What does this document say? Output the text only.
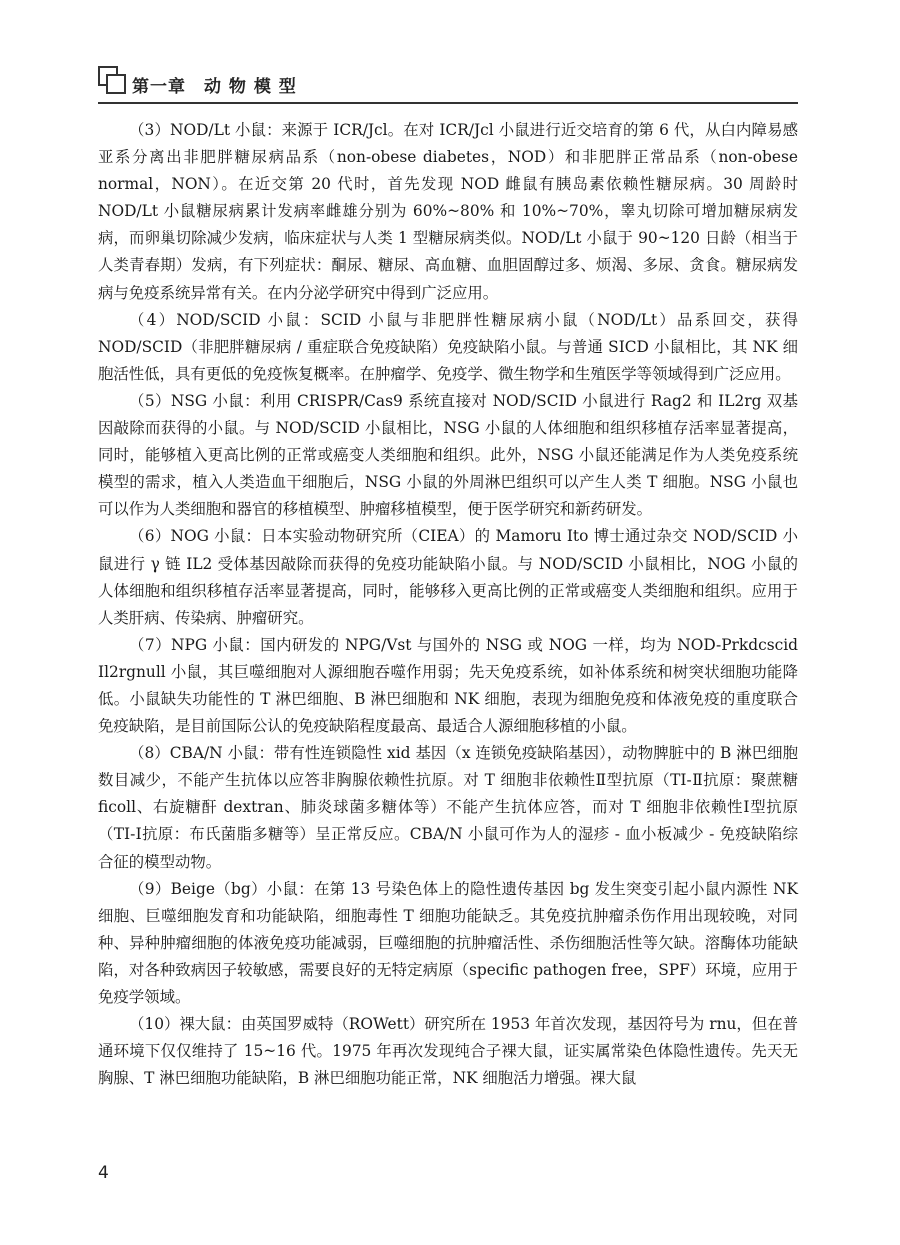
第一章　动 物 模 型

（3）NOD/Lt 小鼠：来源于 ICR/Jcl。在对 ICR/Jcl 小鼠进行近交培育的第 6 代，从白内障易感亚系分离出非肥胖糖尿病品系（non-obese diabetes，NOD）和非肥胖正常品系（non-obese normal，NON）。在近交第 20 代时，首先发现 NOD 雌鼠有胰岛素依赖性糖尿病。30 周龄时 NOD/Lt 小鼠糖尿病累计发病率雌雄分别为 60%~80% 和 10%~70%，睾丸切除可增加糖尿病发病，而卵巢切除减少发病，临床症状与人类 1 型糖尿病类似。NOD/Lt 小鼠于 90~120 日龄（相当于人类青春期）发病，有下列症状：酮尿、糖尿、高血糖、血胆固醇过多、烦渴、多尿、贪食。糖尿病发病与免疫系统异常有关。在内分泌学研究中得到广泛应用。

（4）NOD/SCID 小鼠：SCID 小鼠与非肥胖性糖尿病小鼠（NOD/Lt）品系回交，获得 NOD/SCID（非肥胖糖尿病 / 重症联合免疫缺陷）免疫缺陷小鼠。与普通 SICD 小鼠相比，其 NK 细胞活性低，具有更低的免疫恢复概率。在肿瘤学、免疫学、微生物学和生殖医学等领域得到广泛应用。

（5）NSG 小鼠：利用 CRISPR/Cas9 系统直接对 NOD/SCID 小鼠进行 Rag2 和 IL2rg 双基因敲除而获得的小鼠。与 NOD/SCID 小鼠相比，NSG 小鼠的人体细胞和组织移植存活率显著提高，同时，能够植入更高比例的正常或癌变人类细胞和组织。此外，NSG 小鼠还能满足作为人类免疫系统模型的需求，植入人类造血干细胞后，NSG 小鼠的外周淋巴组织可以产生人类 T 细胞。NSG 小鼠也可以作为人类细胞和器官的移植模型、肿瘤移植模型，便于医学研究和新药研发。

（6）NOG 小鼠：日本实验动物研究所（CIEA）的 Mamoru Ito 博士通过杂交 NOD/SCID 小鼠进行 γ 链 IL2 受体基因敲除而获得的免疫功能缺陷小鼠。与 NOD/SCID 小鼠相比，NOG 小鼠的人体细胞和组织移植存活率显著提高，同时，能够移入更高比例的正常或癌变人类细胞和组织。应用于人类肝病、传染病、肿瘤研究。

（7）NPG 小鼠：国内研发的 NPG/Vst 与国外的 NSG 或 NOG 一样，均为 NOD-Prkdcscid Il2rgnull 小鼠，其巨噬细胞对人源细胞吞噬作用弱；先天免疫系统，如补体系统和树突状细胞功能降低。小鼠缺失功能性的 T 淋巴细胞、B 淋巴细胞和 NK 细胞，表现为细胞免疫和体液免疫的重度联合免疫缺陷，是目前国际公认的免疫缺陷程度最高、最适合人源细胞移植的小鼠。

（8）CBA/N 小鼠：带有性连锁隐性 xid 基因（x 连锁免疫缺陷基因），动物脾脏中的 B 淋巴细胞数目减少，不能产生抗体以应答非胸腺依赖性抗原。对 T 细胞非依赖性Ⅱ型抗原（TI-Ⅱ抗原：聚蔗糖 ficoll、右旋糖酐 dextran、肺炎球菌多糖体等）不能产生抗体应答，而对 T 细胞非依赖性Ⅰ型抗原（TI-Ⅰ抗原：布氏菌脂多糖等）呈正常反应。CBA/N 小鼠可作为人的湿疹 - 血小板减少 - 免疫缺陷综合征的模型动物。

（9）Beige（bg）小鼠：在第 13 号染色体上的隐性遗传基因 bg 发生突变引起小鼠内源性 NK 细胞、巨噬细胞发育和功能缺陷，细胞毒性 T 细胞功能缺乏。其免疫抗肿瘤杀伤作用出现较晚，对同种、异种肿瘤细胞的体液免疫功能减弱，巨噬细胞的抗肿瘤活性、杀伤细胞活性等欠缺。溶酶体功能缺陷，对各种致病因子较敏感，需要良好的无特定病原（specific pathogen free，SPF）环境，应用于免疫学领域。

（10）裸大鼠：由英国罗威特（ROWett）研究所在 1953 年首次发现，基因符号为 rnu，但在普通环境下仅仅维持了 15~16 代。1975 年再次发现纯合子裸大鼠，证实属常染色体隐性遗传。先天无胸腺、T 淋巴细胞功能缺陷，B 淋巴细胞功能正常，NK 细胞活力增强。裸大鼠

4
